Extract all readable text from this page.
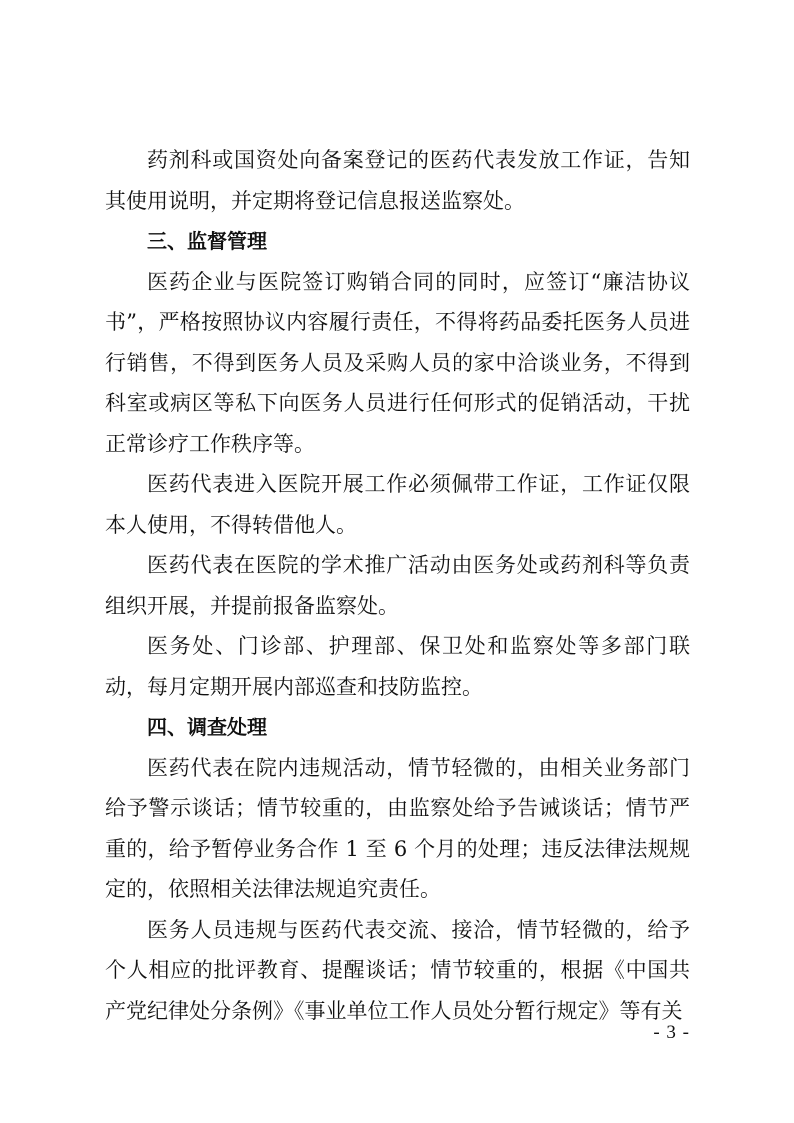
药剂科或国资处向备案登记的医药代表发放工作证，告知其使用说明，并定期将登记信息报送监察处。

三、监督管理

医药企业与医院签订购销合同的同时，应签订“廉洁协议书”，严格按照协议内容履行责任，不得将药品委托医务人员进行销售，不得到医务人员及采购人员的家中洽谈业务，不得到科室或病区等私下向医务人员进行任何形式的促销活动，干扰正常诊疗工作秩序等。

医药代表进入医院开展工作必须佩带工作证，工作证仅限本人使用，不得转借他人。

医药代表在医院的学术推广活动由医务处或药剂科等负责组织开展，并提前报备监察处。

医务处、门诊部、护理部、保卫处和监察处等多部门联动，每月定期开展内部巡查和技防监控。

四、调查处理

医药代表在院内违规活动，情节轻微的，由相关业务部门给予警示谈话；情节较重的，由监察处给予告诫谈话；情节严重的，给予暂停业务合作 1 至 6 个月的处理；违反法律法规规定的，依照相关法律法规追究责任。

医务人员违规与医药代表交流、接洽，情节轻微的，给予个人相应的批评教育、提醒谈话；情节较重的，根据《中国共产党纪律处分条例》《事业单位工作人员处分暂行规定》等有关

- 3 -
